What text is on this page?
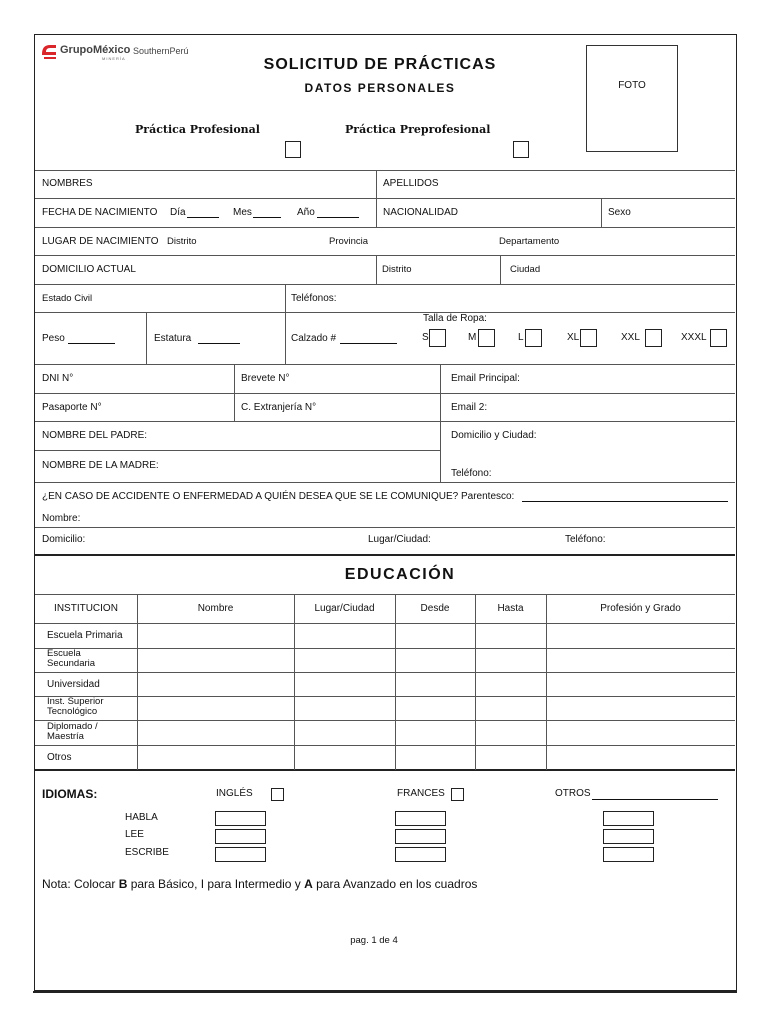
GrupoMéxico
MINERÍA
SouthernPerú
SOLICITUD DE PRÁCTICAS
DATOS PERSONALES	FOTO
Práctica Profesional	Práctica Preprofesional
NOMBRES	APELLIDOS
FECHA DE NACIMIENTO Día	Mes	Año	NACIONALIDAD	Sexo
LUGAR DE NACIMIENTO Distrito	Provincia	Departamento
DOMICILIO ACTUAL	Distrito	Ciudad
Estado Civil	Teléfonos:
Peso	Estatura	Calzado #
Talla de Ropa:
S	M	L	XL	XXL	XXXL
DNI N°	Brevete N°	Email Principal:
Pasaporte N°	C. Extranjería N°	Email 2:
NOMBRE DEL PADRE:	Domicilio y Ciudad:
NOMBRE DE LA MADRE:
Teléfono:
¿EN CASO DE ACCIDENTE O ENFERMEDAD A QUIÉN DESEA QUE SE LE COMUNIQUE? Parentesco:
Nombre:
Domicilio:	Lugar/Ciudad:	Teléfono:
EDUCACIÓN
INSTITUCION	Nombre	Lugar/Ciudad	Desde	Hasta	Profesión y Grado
Escuela Primaria
Escuela Secundaria
Universidad
Inst. Superior Tecnológico
Diplomado / Maestría
Otros
IDIOMAS:	INGLÉS	FRANCES	OTROS
HABLA
LEE
ESCRIBE
Nota: Colocar B para Básico, I para Intermedio y A para Avanzado en los cuadros
pag. 1 de 4
